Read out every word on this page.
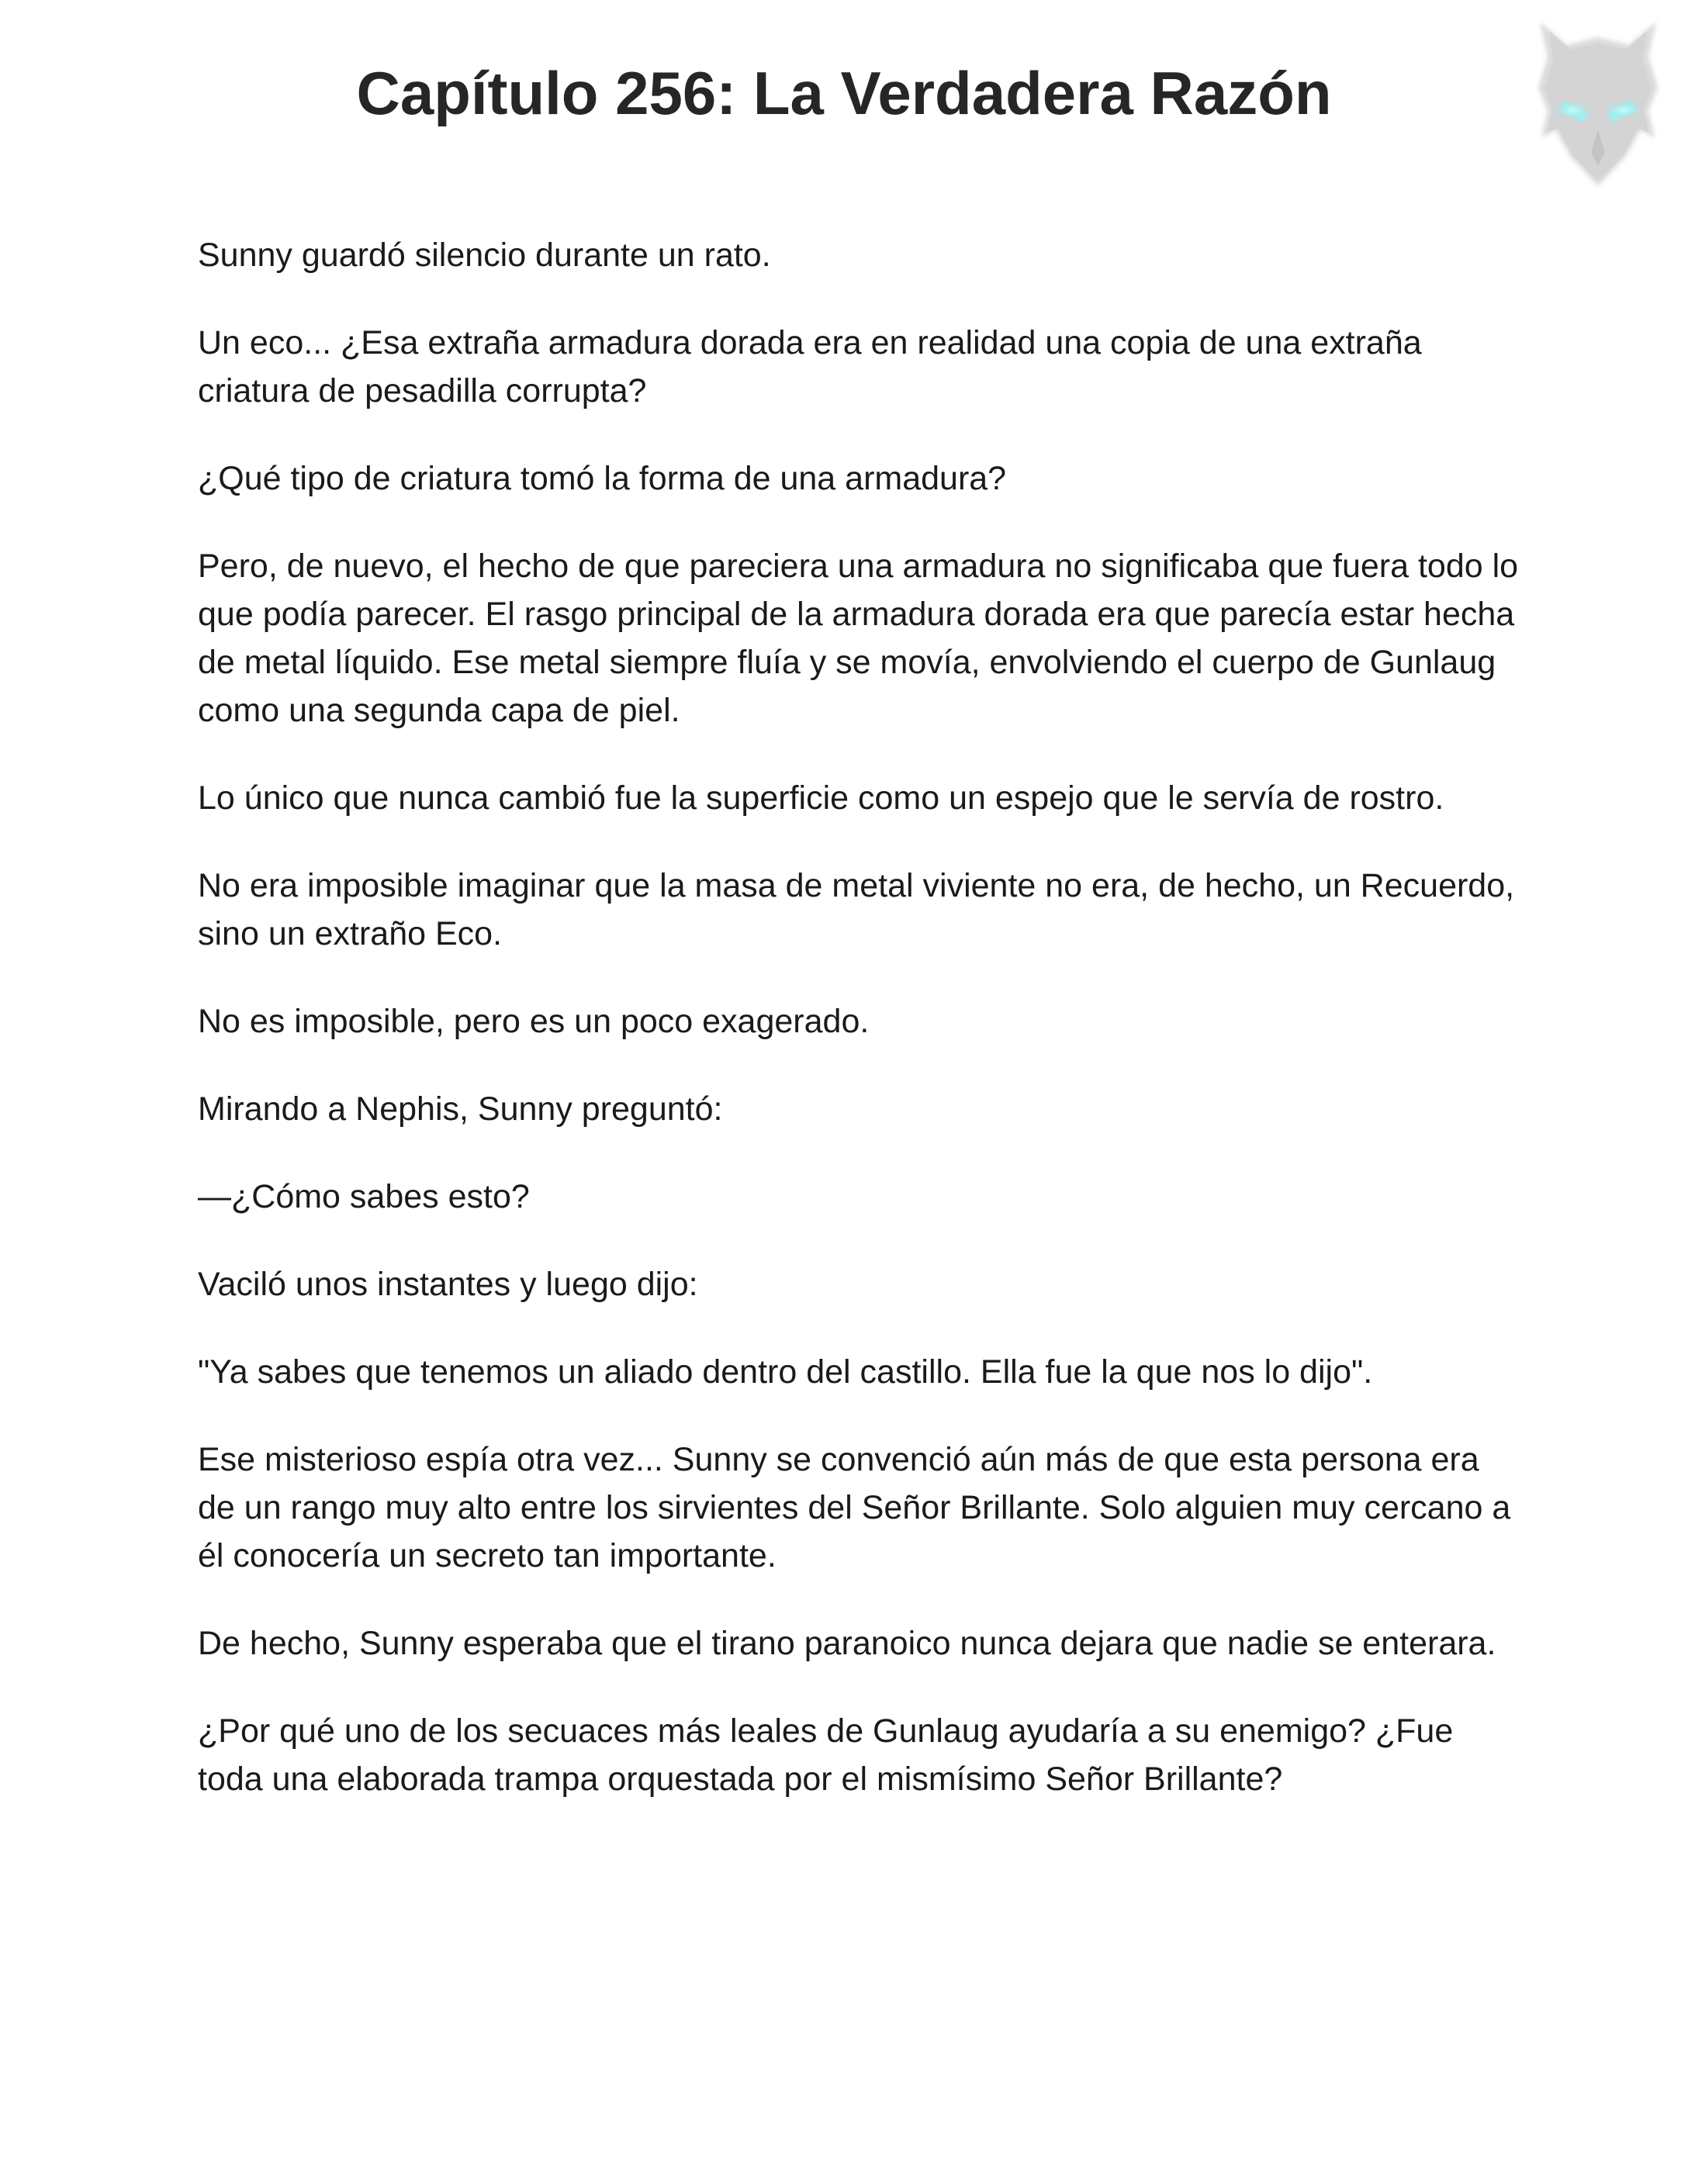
Capítulo 256: La Verdadera Razón

Sunny guardó silencio durante un rato.

Un eco... ¿Esa extraña armadura dorada era en realidad una copia de una extraña criatura de pesadilla corrupta?

¿Qué tipo de criatura tomó la forma de una armadura?

Pero, de nuevo, el hecho de que pareciera una armadura no significaba que fuera todo lo que podía parecer. El rasgo principal de la armadura dorada era que parecía estar hecha de metal líquido. Ese metal siempre fluía y se movía, envolviendo el cuerpo de Gunlaug como una segunda capa de piel.

Lo único que nunca cambió fue la superficie como un espejo que le servía de rostro.

No era imposible imaginar que la masa de metal viviente no era, de hecho, un Recuerdo, sino un extraño Eco.

No es imposible, pero es un poco exagerado.

Mirando a Nephis, Sunny preguntó:

—¿Cómo sabes esto?

Vaciló unos instantes y luego dijo:

"Ya sabes que tenemos un aliado dentro del castillo. Ella fue la que nos lo dijo".

Ese misterioso espía otra vez... Sunny se convenció aún más de que esta persona era de un rango muy alto entre los sirvientes del Señor Brillante. Solo alguien muy cercano a él conocería un secreto tan importante.

De hecho, Sunny esperaba que el tirano paranoico nunca dejara que nadie se enterara.

¿Por qué uno de los secuaces más leales de Gunlaug ayudaría a su enemigo? ¿Fue toda una elaborada trampa orquestada por el mismísimo Señor Brillante?
